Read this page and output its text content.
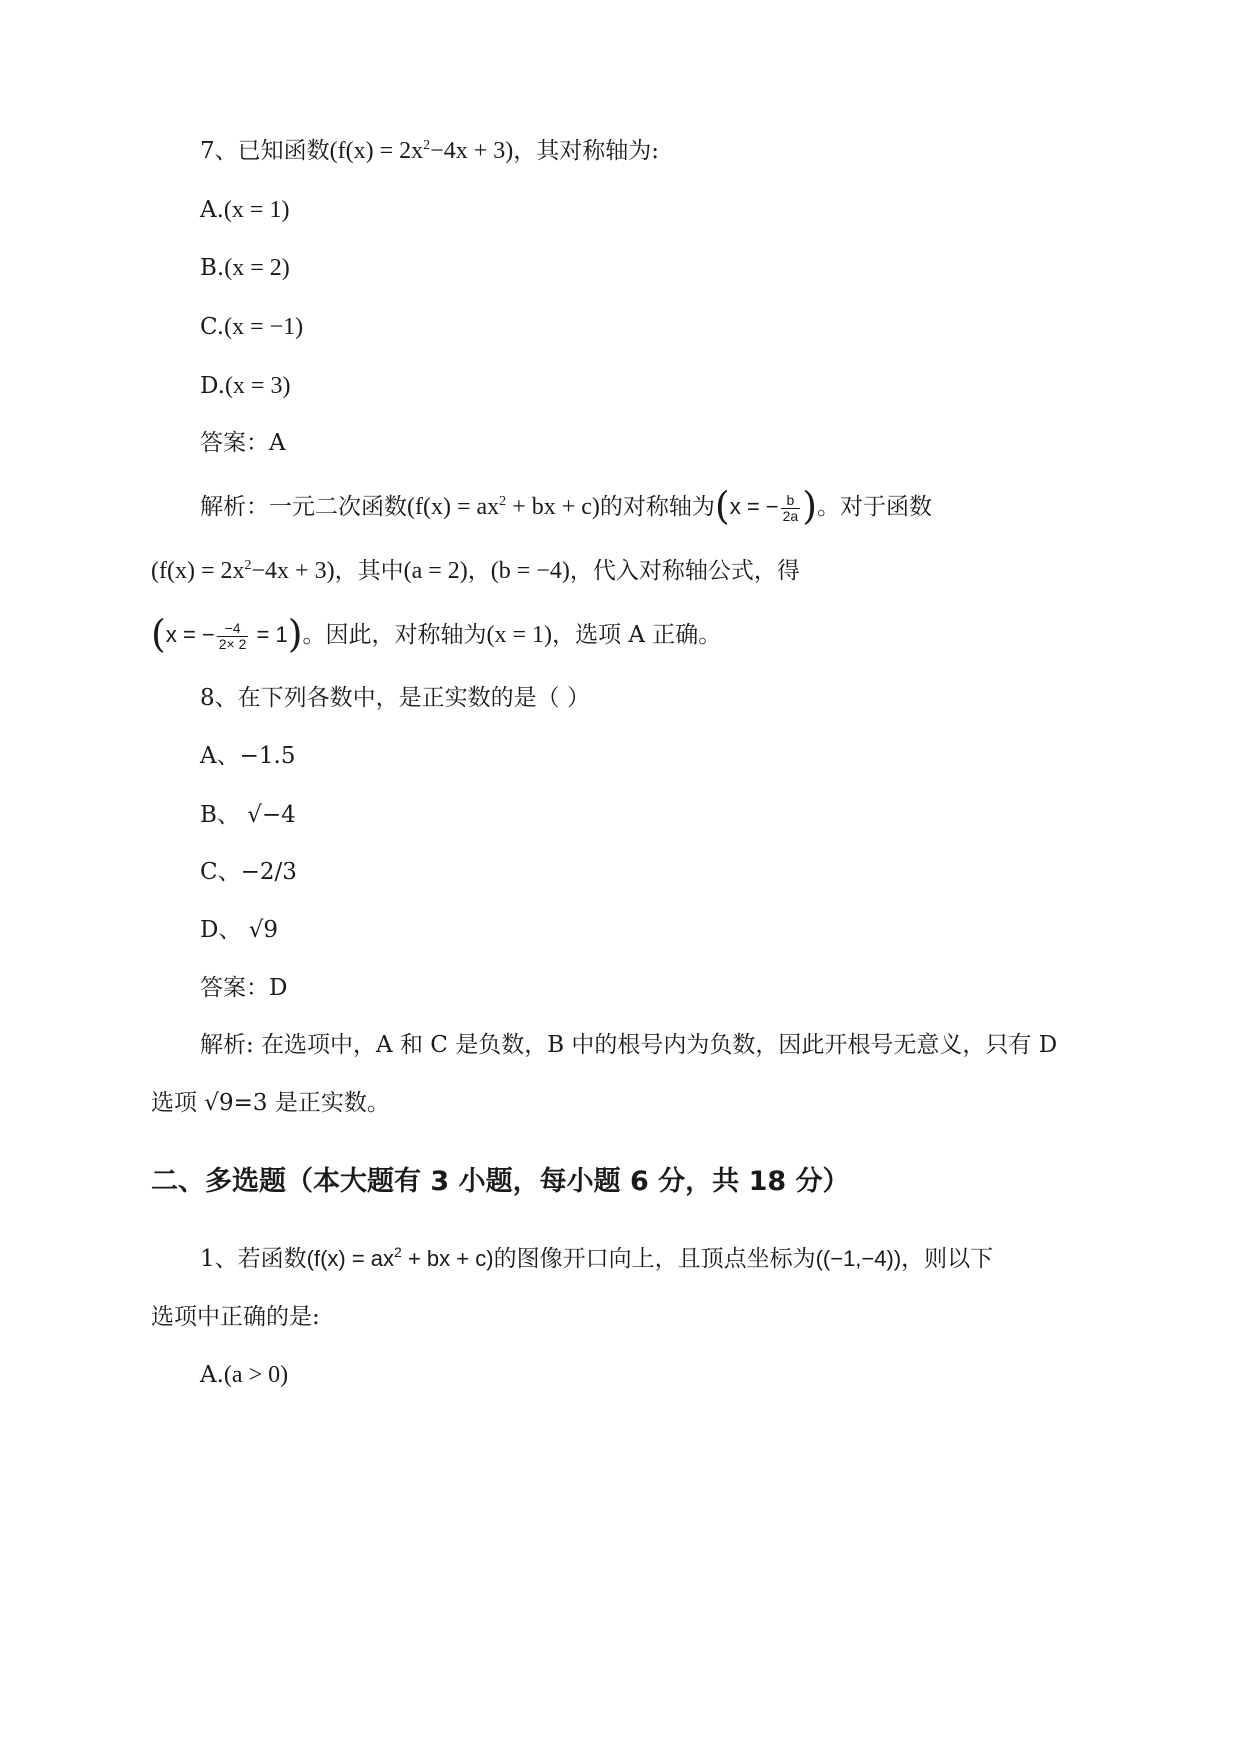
7、已知函数$(f(x) = 2x^2-4x + 3)$，其对称轴为:
A.(x = 1)
B.(x = 2)
C.(x = −1)
D.(x = 3)
答案：A
解析：一元二次函数($f(x) = ax^2$ + bx + c)的对称轴为(x = − $\frac{b}{2a}$ )。对于函数
$(f(x) = 2x^2-4x + 3)$，其中(a = 2)，(b = −4)，代入对称轴公式，得
(x = − $\frac{-4}{2\times 2} = 1$)。因此，对称轴为(x = 1)，选项 A 正确。
8、在下列各数中，是正实数的是（ ）
A、−1.5
B、 √−4
C、−2/3
D、 √9
答案：D
解析: 在选项中，A 和 C 是负数，B 中的根号内为负数，因此开根号无意义，只有 D
选项 √9=3 是正实数。
二、多选题（本大题有 3 小题，每小题 6 分，共 18 分）
1、若函数($f(x) = ax^2$ + bx + c)的图像开口向上，且顶点坐标为((−1,−4))，则以下
选项中正确的是:
A.(a > 0)
